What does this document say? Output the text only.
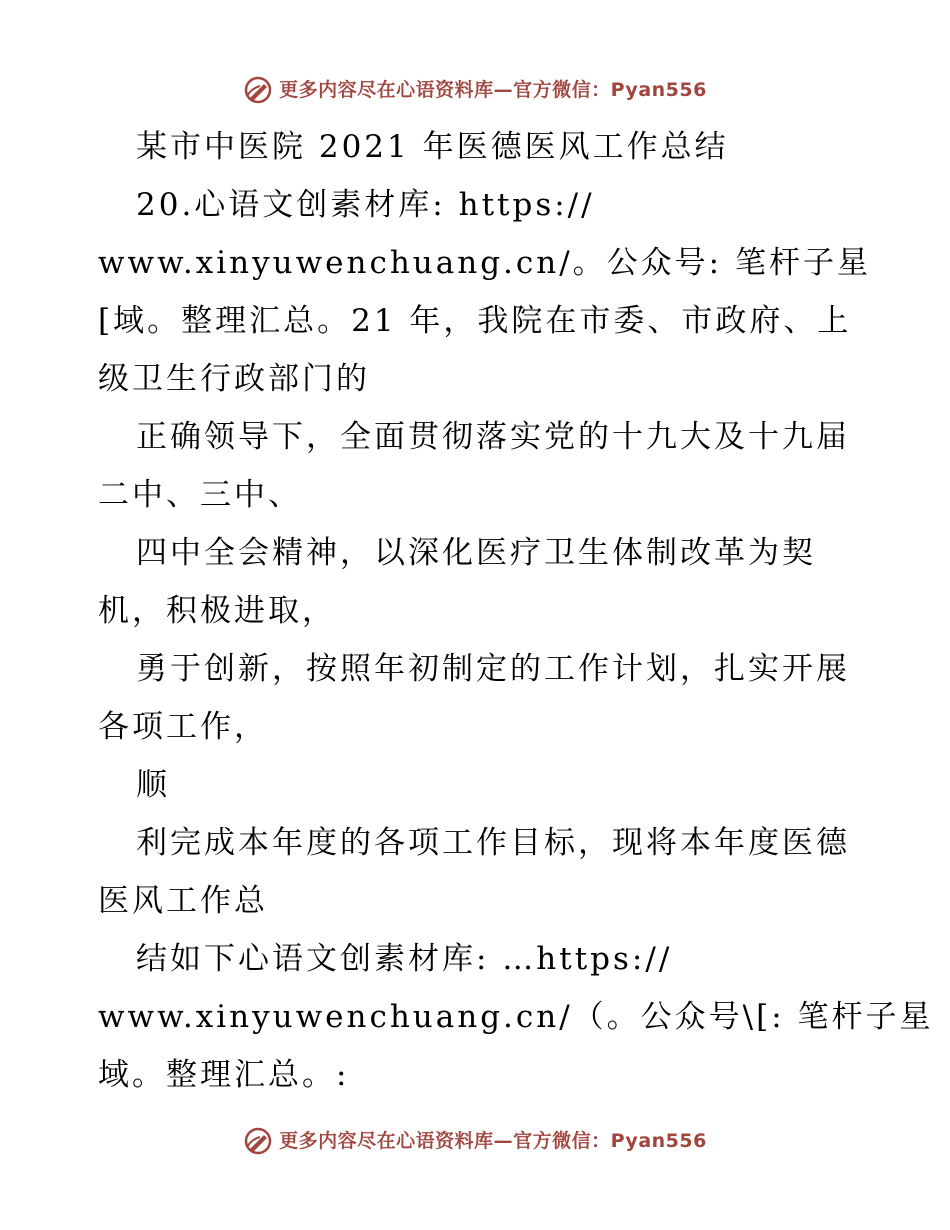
更多内容尽在心语资料库—官方微信：Pyan556
某市中医院 2021 年医德医风工作总结
20.心语文创素材库: https://
www.xinyuwenchuang.cn/。公众号: 笔杆子星
[域。整理汇总。21 年，我院在市委、市政府、上
级卫生行政部门的
正确领导下，全面贯彻落实党的十九大及十九届
二中、三中、
四中全会精神，以深化医疗卫生体制改革为契
机，积极进取，
勇于创新，按照年初制定的工作计划，扎实开展
各项工作，
顺
利完成本年度的各项工作目标，现将本年度医德
医风工作总
结如下心语文创素材库: …https://
www.xinyuwenchuang.cn/（。公众号\[: 笔杆子星
域。整理汇总。:
更多内容尽在心语资料库—官方微信：Pyan556
